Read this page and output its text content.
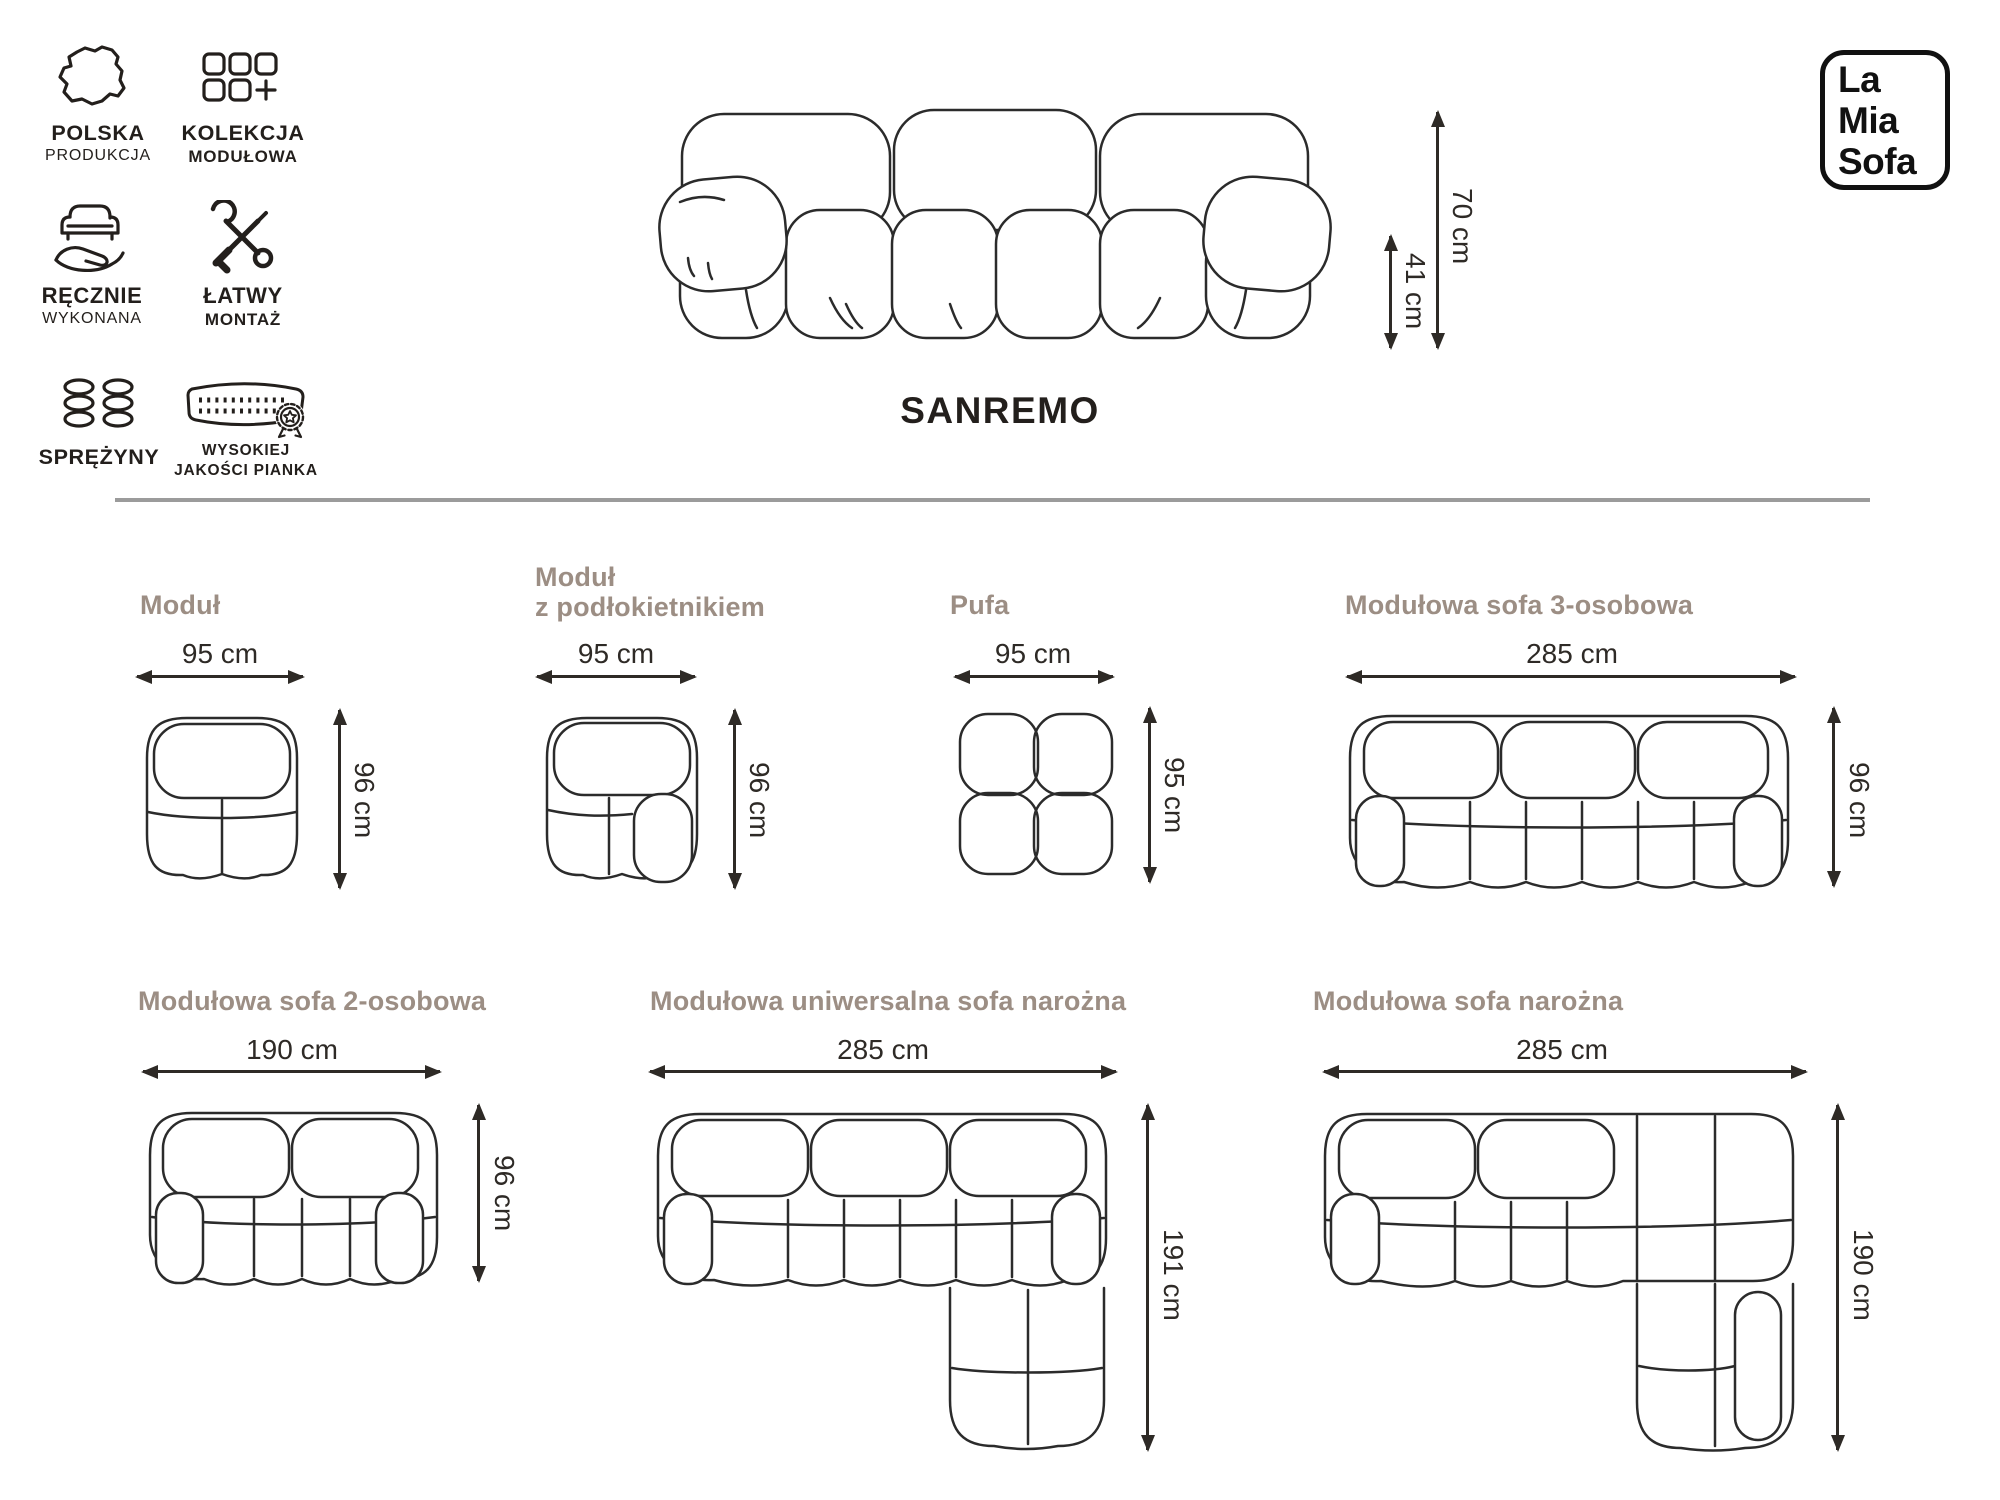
POLSKA
PRODUKCJA
KOLEKCJA
MODUŁOWA
RĘCZNIE
WYKONANA
ŁATWY
MONTAŻ
SPRĘŻYNY	WYSOKIEJ
JAKOŚCI PIANKA
70 cm
41 cm
SANREMO
La
Mia
Sofa
Moduł
95 cm
96 cm
Moduł
z podłokietnikiem
95 cm
96 cm
Pufa
95 cm
95 cm
Modułowa sofa 3-osobowa
285 cm
96 cm
Modułowa sofa 2-osobowa
190 cm
96 cm
Modułowa uniwersalna sofa narożna
285 cm
191 cm
Modułowa sofa narożna
285 cm
190 cm
